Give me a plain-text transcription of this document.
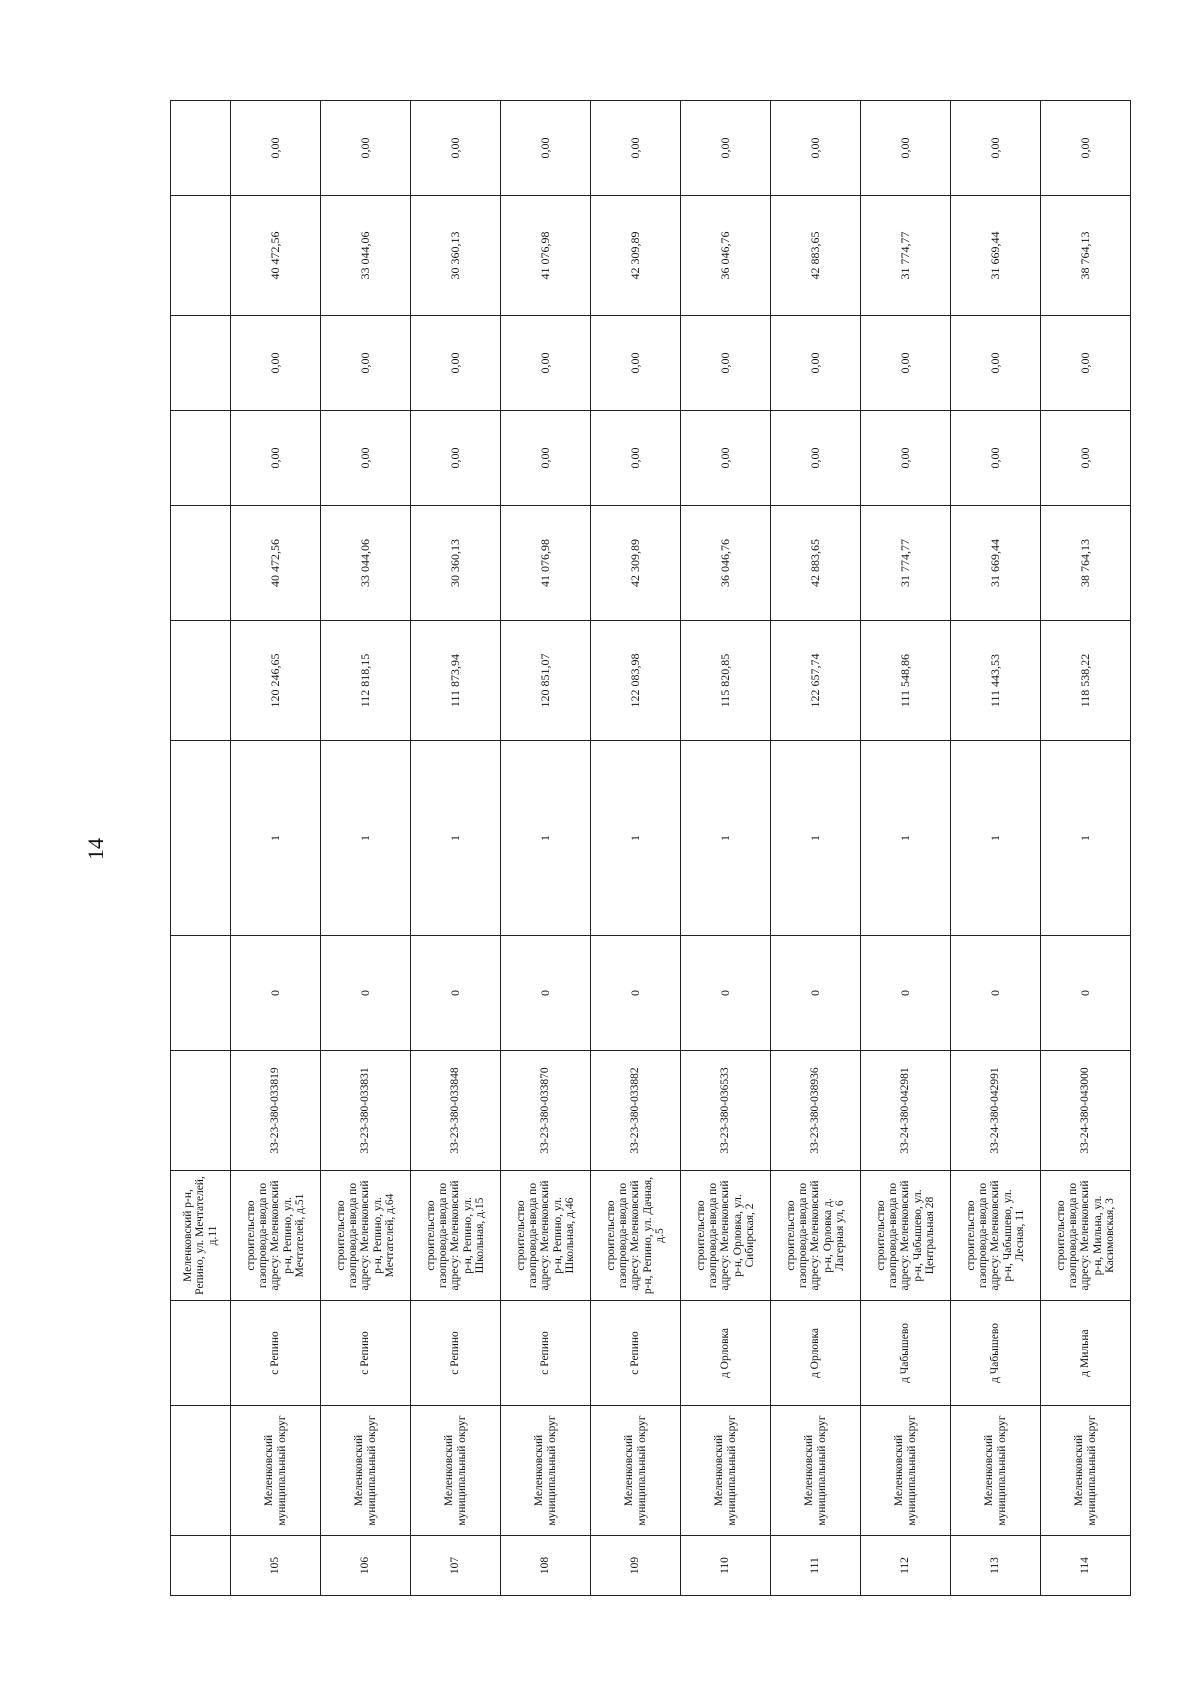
14
			Меленковский р-н, Репино, ул. Мечтателей, д.11									
105	Меленковский муниципальный округ	с Репино	строительство газопровода-ввода по адресу: Меленковский р-н, Репино, ул. Мечтателей, д.51	33-23-380-033819	0	1	120 246,65	40 472,56	0,00	0,00	40 472,56	0,00
106	Меленковский муниципальный округ	с Репино	строительство газопровода-ввода по адресу: Меленковский р-н, Репино, ул. Мечтателей, д.64	33-23-380-033831	0	1	112 818,15	33 044,06	0,00	0,00	33 044,06	0,00
107	Меленковский муниципальный округ	с Репино	строительство газопровода-ввода по адресу: Меленковский р-н, Репино, ул. Школьная, д.15	33-23-380-033848	0	1	111 873,94	30 360,13	0,00	0,00	30 360,13	0,00
108	Меленковский муниципальный округ	с Репино	строительство газопровода-ввода по адресу: Меленковский р-н, Репино, ул. Школьная, д.46	33-23-380-033870	0	1	120 851,07	41 076,98	0,00	0,00	41 076,98	0,00
109	Меленковский муниципальный округ	с Репино	строительство газопровода-ввода по адресу: Меленковский р-н, Репино, ул. Дачная, д.5	33-23-380-033882	0	1	122 083,98	42 309,89	0,00	0,00	42 309,89	0,00
110	Меленковский муниципальный округ	д Орловка	строительство газопровода-ввода по адресу: Меленковский р-н, Орловка, ул. Сибирская, 2	33-23-380-036533	0	1	115 820,85	36 046,76	0,00	0,00	36 046,76	0,00
111	Меленковский муниципальный округ	д Орловка	строительство газопровода-ввода по адресу: Меленковский р-н, Орловка д. Лагерная ул, 6	33-23-380-038936	0	1	122 657,74	42 883,65	0,00	0,00	42 883,65	0,00
112	Меленковский муниципальный округ	д Чабышево	строительство газопровода-ввода по адресу: Меленковский р-н, Чабышево, ул. Центральная 28	33-24-380-042981	0	1	111 548,86	31 774,77	0,00	0,00	31 774,77	0,00
113	Меленковский муниципальный округ	д Чабышево	строительство газопровода-ввода по адресу: Меленковский р-н, Чабышево, ул. Лесная, 11	33-24-380-042991	0	1	111 443,53	31 669,44	0,00	0,00	31 669,44	0,00
114	Меленковский муниципальный округ	д Мильна	строительство газопровода-ввода по адресу: Меленковский р-н, Мильна, ул. Касимовская, 3	33-24-380-043000	0	1	118 538,22	38 764,13	0,00	0,00	38 764,13	0,00
